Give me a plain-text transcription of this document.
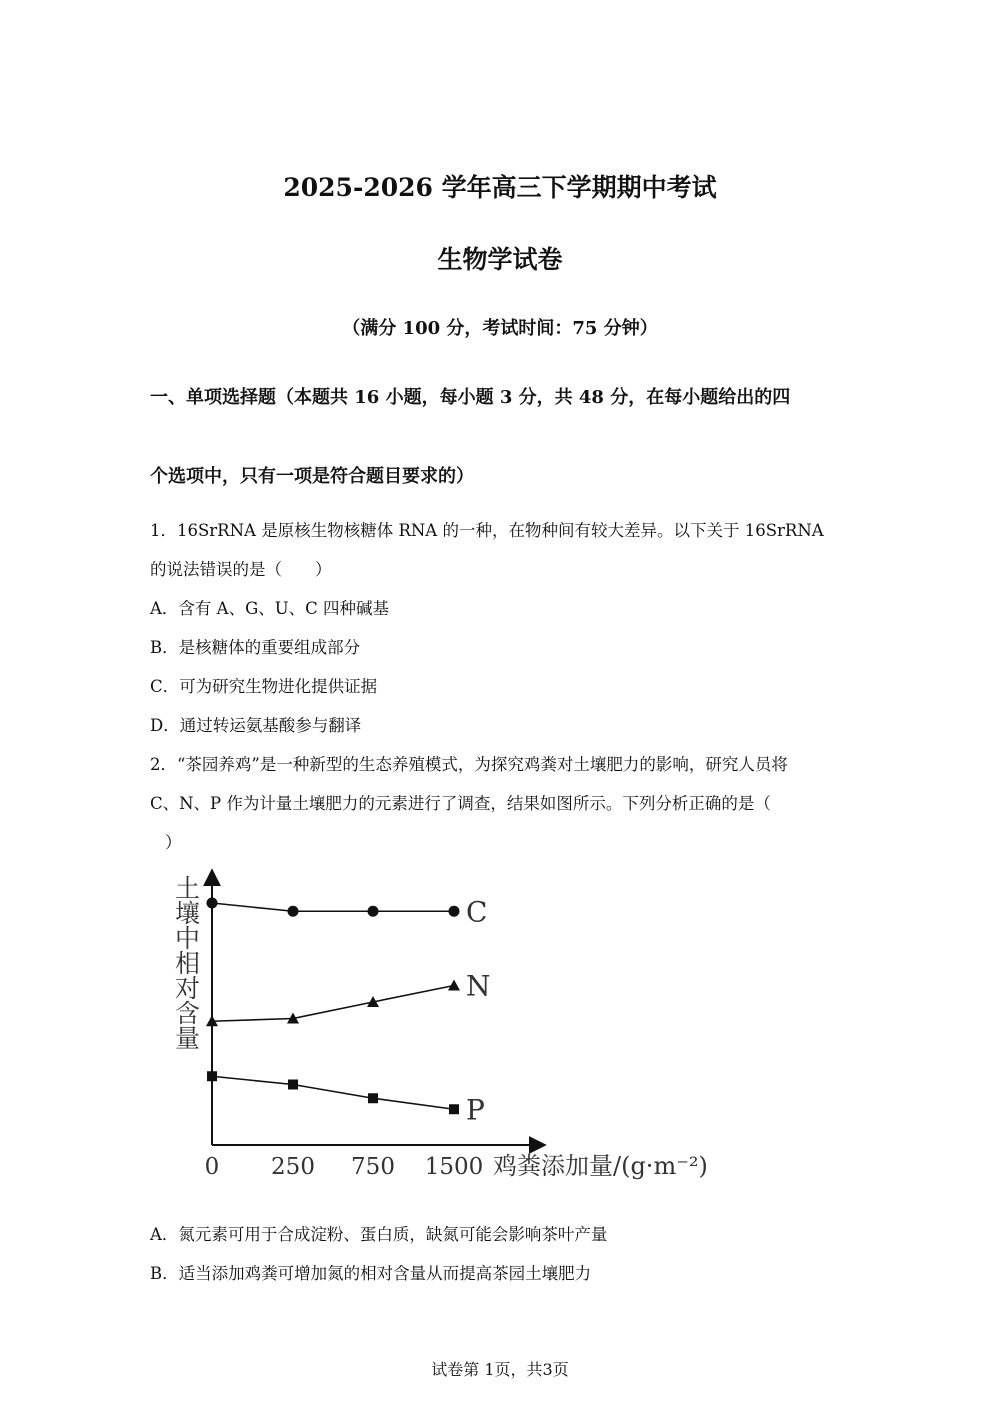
2025-2026 学年高三下学期期中考试
生物学试卷
（满分 100 分，考试时间：75 分钟）
一、单项选择题（本题共 16 小题，每小题 3 分，共 48 分，在每小题给出的四
个选项中，只有一项是符合题目要求的）
1．16SrRNA 是原核生物核糖体 RNA 的一种，在物种间有较大差异。以下关于 16SrRNA
的说法错误的是（　　）
A．含有 A、G、U、C 四种碱基
B．是核糖体的重要组成部分
C．可为研究生物进化提供证据
D．通过转运氨基酸参与翻译
2．“茶园养鸡”是一种新型的生态养殖模式，为探究鸡粪对土壤肥力的影响，研究人员将
C、N、P 作为计量土壤肥力的元素进行了调查，结果如图所示。下列分析正确的是（
）
土壤中相对含量
鸡粪添加量/(g·m⁻²)
0 250 750 1500
C
N
P
A．氮元素可用于合成淀粉、蛋白质，缺氮可能会影响茶叶产量
B．适当添加鸡粪可增加氮的相对含量从而提高茶园土壤肥力
试卷第 1页，共3页
